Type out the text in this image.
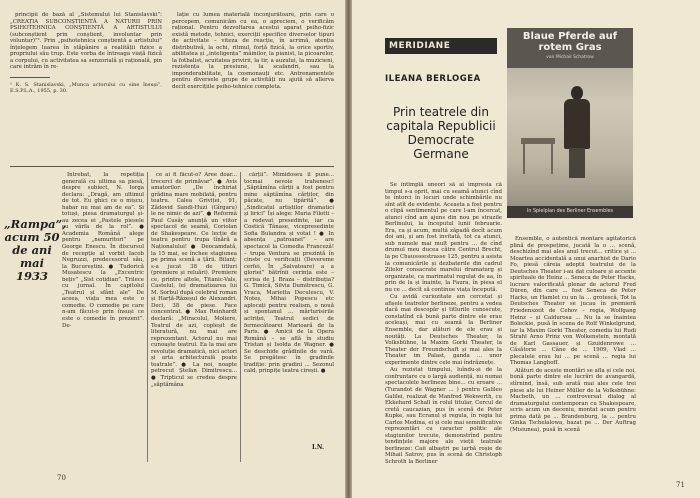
principii de bază al „Sistemului lui Stanislavski”: „CREAȚIA SUBCONȘTIENTĂ A NATURII PRIN PSIHOTEHNICA CONȘTIENTĂ A ARTISTULUI (subconștient prin conștient, involuntar prin voluntar)”¹. Prin „psihotehnica conștientă a artistului” înțelegem luarea în stăpânire a realității fizice a propriului său trup. Este vorba de întreaga viață fizică a corpului, cu activitatea sa senzorială și rațională, pin care intrăm în re-

¹ K. S. Stanislavski, „Munca actorului cu sine însuși”, E.S.P.L.A., 1955, p. 30.

lație cu lumea materială înconjurătoare, prin care o percepem, comunicăm cu ea, o apreciem, o verificăm rațional. Pentru dezvoltarea acestui aparat psiho-fizic există metode, tehnici, exerciții specifice diverselor tipuri de activitate – viteza de reacție, în acrimă, atenția distributivă, la ochi, ritmul, forță fizică, la orice sportiv, abilitatea și „inteligența” mâinilor, la pianist, la picoarelor, la fotbalist, acuitatea privirii, la tir, a auzului, la muzicieni, rezistența la presiune, la scafandri, sau la imponderabilitate, la cosmonauți etc. Antrenamentele pentru diversele grupe de activități nu ajută să allerva decît exercițiile psiho-tehnice completa.

„Rampa”, acum 50 de ani mai 1933

Intrebat, la repetiția generală cu ultima sa piesă, despre subiect, N. Iorga declara: „Dragă, am ultimul de tot. Eu ghici ce o mișcu, habar nu mai am de ea”. Și totuși, piesa dramaturgul și-au zecea ei „Pastele piesele cu vârfa de la rol”. ● Academia Română alege pentru „nemuritori” pe George Enescu. În discursul de recepție al vorbit Iacob Negruzzi, predecesorul său, la Bucureștini. ● Tudorică Musatescu la „Excentric bețiv” „Sist cotidian”. Trilece cu jurnal. În capitolul „Teatrul și sfânt ale” De aceea, viața mea este o comedie. O comedie pe care n-am făcut-o prin însuși ce este o comedie în prezent”. De-

ce ai fi făcut-o? Aree doar... trecerci de primăvar”. ● Avis amatorilor: „De închiriat grădina mare mobilată, pentru teatru. Calea Griviței, 91, Zădovid Sandi-Huzi (Gîrgaru) le ne nimic de azi”. ● Reformă Paul Cusăy anunță un viitor spectacol de seamă, Coriolan de Shakespeare. Ce lecție de teatru pentru trupa tînără a Naționalului! ● Deocamdată, la 15 mai, se închee stagiunea pe prima scenă a țării. Bilanț: s-a jucat 38 de titluri (premiere și reluări). Premiere ce, printre altele, Titanic-Vals, Castelul, lei dramatizarea lui M. Sorbul după celebrul roman și Harță-Răzeșul de Alexandri. Deci, 38 de piese. Face concentrat. ● Max Reinhardt declară: „Miracolul, Moliere, Teatrul de azi, copleșit de literatură, nu mai are reprezentant. Actorul nu mai cunoaște teatrul. Ea la mai are revoluție dramatică, nici actori și arta arhitecturală poate teatrale”. ● La noi, noapte petrecut Ștefan Dimitrescu... ● Tripticul se credea despre „săptămâna

cărții”. Mimidoseu îl pune... tocmai nevoie trahenesc! „Săptămîna cărții a fost pentru mine săptămîna cărților, din păcate, nu tipărită”. ● „Sindicatul artiștilor dramatici și lirici” Își alege: Maria Filotti – a redevat presedinte, iar ca Costică Tănase, vicepresedinte Sofia Bulandra și votat ! ● In absența „patroanei” – are spectacol la Comedia Franceză! – trupa Ventura se prezintă în cinste cu verificații (Devereme cerfei, În „Salvatoare) a a gloriei” bătrînii cerința este – scrisa de J. Braza – distribuția? G. Timică, Silvia Dumitrescu, G. Vraca, Marietta Deculescu, V. Noteș, Mihai Popescu etc aplecați pentru realism, o nouă și spontanul ... mărturisirile actriței, Teatrul sedici de fermecătoarei Marioară de la Paris. ● Amicii de la Opera Română – se află în studiu Tristan și Isolda de Wagner. ● Se deschide grădinile de vară. Se pregătesc în gradinile tradiție: prin gradini ... Sezonul cald, prinpițe teatra cireșii. ●

I.N.
70
MERIDIANE
ILEANA BERLOGEA
Prin teatrele din capitala Republicii Democrate Germane
Blaue Pferde auf rotem Gras
von Michail Schatrow
In Spielplan des Berliner Ensembles

Se întîmplă uneori să ai impresia că timpul s-a oprit, mai cu seamă atunci cînd te întorci în locuri unde schimbările nu sînt atît de evidente. Aceasta a fost pentru o clipă sentimentul pe care l-am încercat, atunci cînd am ajuns din nou pe strazile Berlinului, la începutul lunii februarie. Era, ca și acum, multă zăpadă decît acum doi ani, și am fost invitată, tot ca atunci, sub numele mai mult pentru ... de cînd drumul meu ducea către Centrul Brecht, la pe Chausseestrasse 125, pentru a asista la comunicările și dezbaterile din cadrul Zilelor consacrate marelui dramaturg și organizate, ca marimatul regulat de aa, în prin de la și înainte, la Faura, în piesa el nu ce ... decît să continue viața începută.

Cu avidă curiozitate am cercetat și afișele teatrelor berlineze, pentru a vedea dacă mai descopăr și titlurile cunoscute, constatînd că bună parte dintre ele erau aceleași, mai cu seamă la Berliner Ensemble, dar alături de ele erau și noutăți. La Deutsches Theater, la Volksbühne, la Maxim Gorki Theater, la Theater der Freundschaft și mai ales la Theater im Palast, ganda ... unor experimente dintre cele mai îndrăznețe.

Au rezistat timpului, luîndu-și de la confruntare cu o largă audiență, nu numai spectacolele berlineze bine... cu eroare ... (Turandot de Wagner ... ) pentru Galileo Galilei, realizat de Manfred Wekwerth, cu Ekkehard Schall în rolul titular, Cercul de cretă caucazian, pus în scenă de Peter Kupke, sau Ecranul și regula, în regia lui Carlos Medina, ei și cele mai semnificative reprezentări cu caracter politic ale stagiunilor trecute, demonstrînd pentru tendințele majore ale vieții teatrale berlineze: Caii albaștri pe iarbă roșie de Mihail Satrov, pus în scenă de Christoph Schroth la Berliner

Ensemble, o autentică montare agitatorică plină de prospețime, jucată la o ... scenă, deschizînd mai ales anul trecut... critice și ... Moartea accidentală a unui anarhist de Dario Fo, piesă căreia adeptii teatrului de la Deutsches Theater i-au dat culoare și accente spirituale de Heinz ... Seneca de Peter Hacks, lucrare valorificată plenar de actorul Fred Düren, din care ... fost Seneca de Peter Hacks, un Hamlet cu un la ... grotescă, Tot la Deutsches Theater se jucau în premieră Friedenszeit de Cehov – regia, Wolfgang Heinz – și Caldurosa ... Nu la se înaintea Boleckie, pusă în scena de Rolf Winkelgrund, iar la Maxim Gorki Theater, comedia lui Rudi Strahl Arno Prinz von Wolkenstein, montată de Karl Gassauer, și Gzuidenrowe ... Căsătorie ... Câne de ... 1909, Vlad ... plecatele erau lui ... pe scenă ... regia lui Thomas Langhoff.

Alături de aceste montări se afla și cele noi, bună parte dintre ele lucrări de avangardă, stîrnind, însă, sub arată mai ales cele trei piese ale lui Heiner Müller de la Volksbühne: Macbeth, un ... controversat dialog al dramaturgului contemporan cu Shakespeare, scris acum un deceniu, montat acum pentru prima dată pe ... Brandenburg, la ... pentru Ginka Tschelalowa, bazat pe ... Der Auftrag (Misiunea), pusă în scenă

71
